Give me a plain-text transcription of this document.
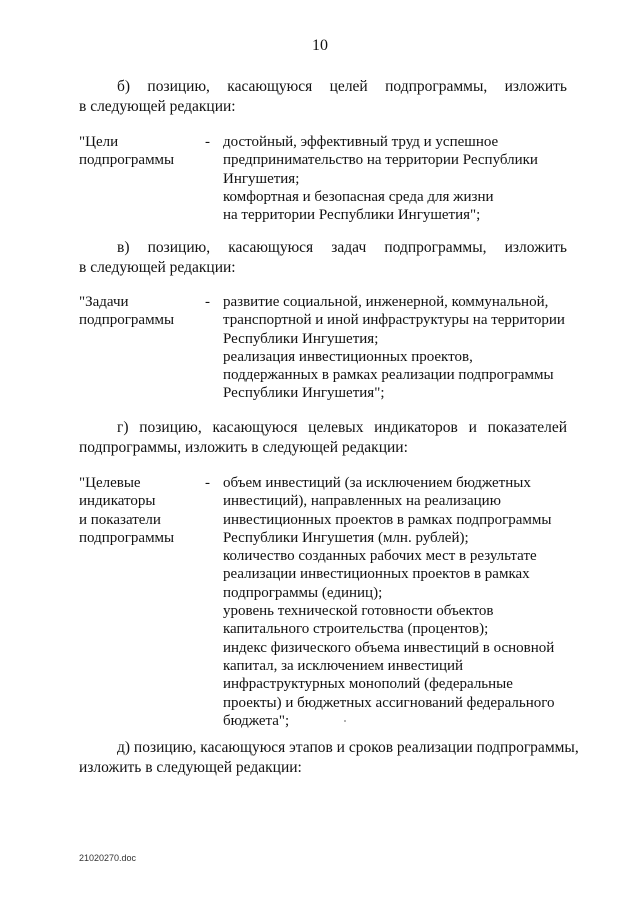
10
б) позицию, касающуюся целей подпрограммы, изложить
в следующей редакции:
"Цели
подпрограммы
- достойный, эффективный труд и успешное
предпринимательство на территории Республики
Ингушетия;
комфортная и безопасная среда для жизни
на территории Республики Ингушетия";
в) позицию, касающуюся задач подпрограммы, изложить
в следующей редакции:
"Задачи
подпрограммы
- развитие социальной, инженерной, коммунальной,
транспортной и иной инфраструктуры на территории
Республики Ингушетия;
реализация инвестиционных проектов,
поддержанных в рамках реализации подпрограммы
Республики Ингушетия";
г) позицию, касающуюся целевых индикаторов и показателей
подпрограммы, изложить в следующей редакции:
"Целевые
индикаторы
и показатели
подпрограммы
- объем инвестиций (за исключением бюджетных
инвестиций), направленных на реализацию
инвестиционных проектов в рамках подпрограммы
Республики Ингушетия (млн. рублей);
количество созданных рабочих мест в результате
реализации инвестиционных проектов в рамках
подпрограммы (единиц);
уровень технической готовности объектов
капитального строительства (процентов);
индекс физического объема инвестиций в основной
капитал, за исключением инвестиций
инфраструктурных монополий (федеральные
проекты) и бюджетных ассигнований федерального
бюджета";
д) позицию, касающуюся этапов и сроков реализации подпрограммы,
изложить в следующей редакции:
21020270.doc
